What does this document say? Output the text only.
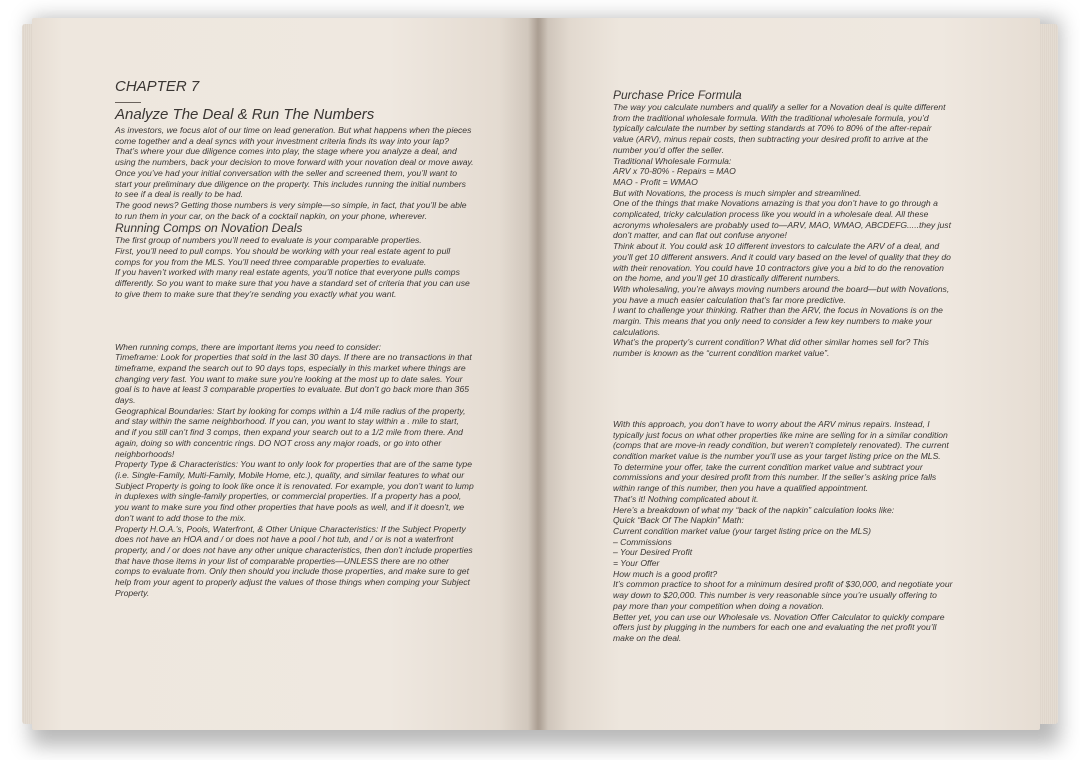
CHAPTER 7
Analyze The Deal & Run The Numbers

As investors, we focus alot of our time on lead generation. But what happens when the pieces come together and a deal syncs with your investment criteria finds its way into your lap?

That’s where your due diligence comes into play, the stage where you analyze a deal, and using the numbers, back your decision to move forward with your novation deal or move away. Once you’ve had your initial conversation with the seller and screened them, you’ll want to start your preliminary due diligence on the property. This includes running the initial numbers to see if a deal is really to be had.

The good news? Getting those numbers is very simple—so simple, in fact, that you’ll be able to run them in your car, on the back of a cocktail napkin, on your phone, wherever.

Running Comps on Novation Deals

The first group of numbers you’ll need to evaluate is your comparable properties.

First, you’ll need to pull comps. You should be working with your real estate agent to pull comps for you from the MLS. You’ll need three comparable properties to evaluate.

If you haven’t worked with many real estate agents, you’ll notice that everyone pulls comps differently. So you want to make sure that you have a standard set of criteria that you can use to give them to make sure that they’re sending you exactly what you want.

When running comps, there are important items you need to consider:

Timeframe: Look for properties that sold in the last 30 days. If there are no transactions in that timeframe, expand the search out to 90 days tops, especially in this market where things are changing very fast. You want to make sure you’re looking at the most up to date sales. Your goal is to have at least 3 comparable properties to evaluate. But don’t go back more than 365 days.

Geographical Boundaries: Start by looking for comps within a 1/4 mile radius of the property, and stay within the same neighborhood. If you can, you want to stay within a . mile to start, and if you still can’t find 3 comps, then expand your search out to a 1/2 mile from there. And again, doing so with concentric rings. DO NOT cross any major roads, or go into other neighborhoods!

Property Type & Characteristics: You want to only look for properties that are of the same type (i.e. Single-Family, Multi-Family, Mobile Home, etc.), quality, and similar features to what our Subject Property is going to look like once it is renovated. For example, you don’t want to lump in duplexes with single-family properties, or commercial properties. If a property has a pool, you want to make sure you find other properties that have pools as well, and if it doesn’t, we don’t want to add those to the mix.

Property H.O.A.’s, Pools, Waterfront, & Other Unique Characteristics: If the Subject Property does not have an HOA and / or does not have a pool / hot tub, and / or is not a waterfront property, and / or does not have any other unique characteristics, then don’t include properties that have those items in your list of comparable properties—UNLESS there are no other comps to evaluate from. Only then should you include those properties, and make sure to get help from your agent to properly adjust the values of those things when comping your Subject Property.

Purchase Price Formula

The way you calculate numbers and qualify a seller for a Novation deal is quite different from the traditional wholesale formula. With the traditional wholesale formula, you’d typically calculate the number by setting standards at 70% to 80% of the after-repair value (ARV), minus repair costs, then subtracting your desired profit to arrive at the number you’d offer the seller.

Traditional Wholesale Formula:

ARV x 70-80% - Repairs = MAO

MAO - Profit = WMAO

But with Novations, the process is much simpler and streamlined.

One of the things that make Novations amazing is that you don’t have to go through a complicated, tricky calculation process like you would in a wholesale deal. All these acronyms wholesalers are probably used to—ARV, MAO, WMAO, ABCDEFG.....they just don’t matter, and can flat out confuse anyone!

Think about it. You could ask 10 different investors to calculate the ARV of a deal, and you’ll get 10 different answers. And it could vary based on the level of quality that they do with their renovation. You could have 10 contractors give you a bid to do the renovation on the home, and you’ll get 10 drastically different numbers.

With wholesaling, you’re always moving numbers around the board—but with Novations, you have a much easier calculation that’s far more predictive.

I want to challenge your thinking. Rather than the ARV, the focus in Novations is on the margin. This means that you only need to consider a few key numbers to make your calculations.

What’s the property’s current condition? What did other similar homes sell for? This number is known as the “current condition market value”.

With this approach, you don’t have to worry about the ARV minus repairs. Instead, I typically just focus on what other properties like mine are selling for in a similar condition (comps that are move-in ready condition, but weren’t completely renovated). The current condition market value is the number you’ll use as your target listing price on the MLS.

To determine your offer, take the current condition market value and subtract your commissions and your desired profit from this number. If the seller’s asking price falls within range of this number, then you have a qualified appointment.

That’s it! Nothing complicated about it.

Here’s a breakdown of what my “back of the napkin” calculation looks like:

Quick “Back Of The Napkin” Math:

Current condition market value (your target listing price on the MLS)

– Commissions

– Your Desired Profit

= Your Offer

How much is a good profit?

It’s common practice to shoot for a minimum desired profit of $30,000, and negotiate your way down to $20,000. This number is very reasonable since you’re usually offering to pay more than your competition when doing a novation.

Better yet, you can use our Wholesale vs. Novation Offer Calculator to quickly compare offers just by plugging in the numbers for each one and evaluating the net profit you’ll make on the deal.
